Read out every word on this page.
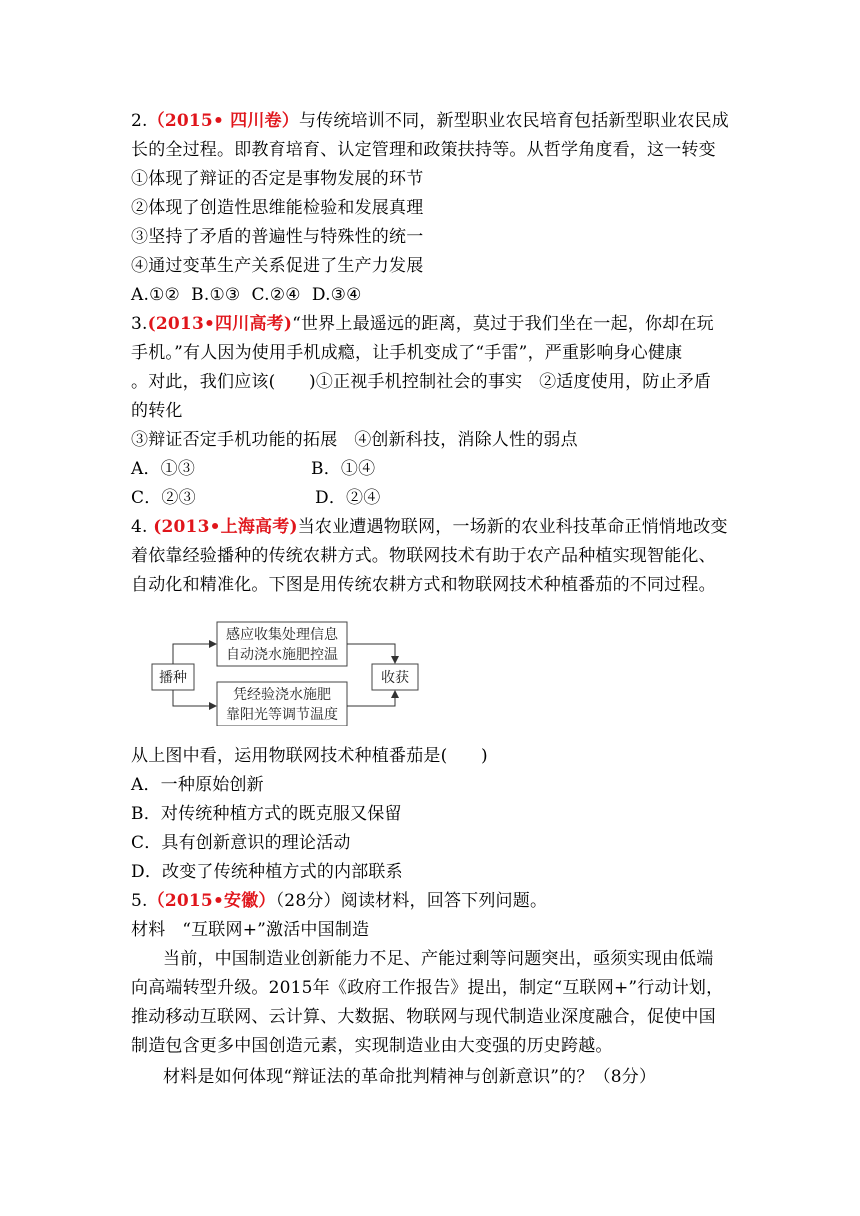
2.（2015• 四川卷）与传统培训不同，新型职业农民培育包括新型职业农民成
长的全过程。即教育培育、认定管理和政策扶持等。从哲学角度看，这一转变
①体现了辩证的否定是事物发展的环节
②体现了创造性思维能检验和发展真理
③坚持了矛盾的普遍性与特殊性的统一
④通过变革生产关系促进了生产力发展
A.①②  B.①③  C.②④  D.③④
3.(2013•四川高考)“世界上最遥远的距离，莫过于我们坐在一起，你却在玩
手机。”有人因为使用手机成瘾，让手机变成了“手雷”，严重影响身心健康
。对此，我们应该(      )①正视手机控制社会的事实   ②适度使用，防止矛盾
的转化
③辩证否定手机功能的拓展   ④创新科技，消除人性的弱点
A．①③	B．①④
C．②③	D．②④
4. (2013•上海高考)当农业遭遇物联网，一场新的农业科技革命正悄悄地改变
着依靠经验播种的传统农耕方式。物联网技术有助于农产品种植实现智能化、
自动化和精准化。下图是用传统农耕方式和物联网技术种植番茄的不同过程。
播种
感应收集处理信息
自动浇水施肥控温
凭经验浇水施肥
靠阳光等调节温度
收获
从上图中看，运用物联网技术种植番茄是(      )
A．一种原始创新
B．对传统种植方式的既克服又保留
C．具有创新意识的理论活动
D．改变了传统种植方式的内部联系
5.（2015•安徽）（28分）阅读材料，回答下列问题。
材料   “互联网+”激活中国制造
当前，中国制造业创新能力不足、产能过剩等问题突出，亟须实现由低端
向高端转型升级。2015年《政府工作报告》提出，制定“互联网+”行动计划，
推动移动互联网、云计算、大数据、物联网与现代制造业深度融合，促使中国
制造包含更多中国创造元素，实现制造业由大变强的历史跨越。
材料是如何体现“辩证法的革命批判精神与创新意识”的？（8分）
